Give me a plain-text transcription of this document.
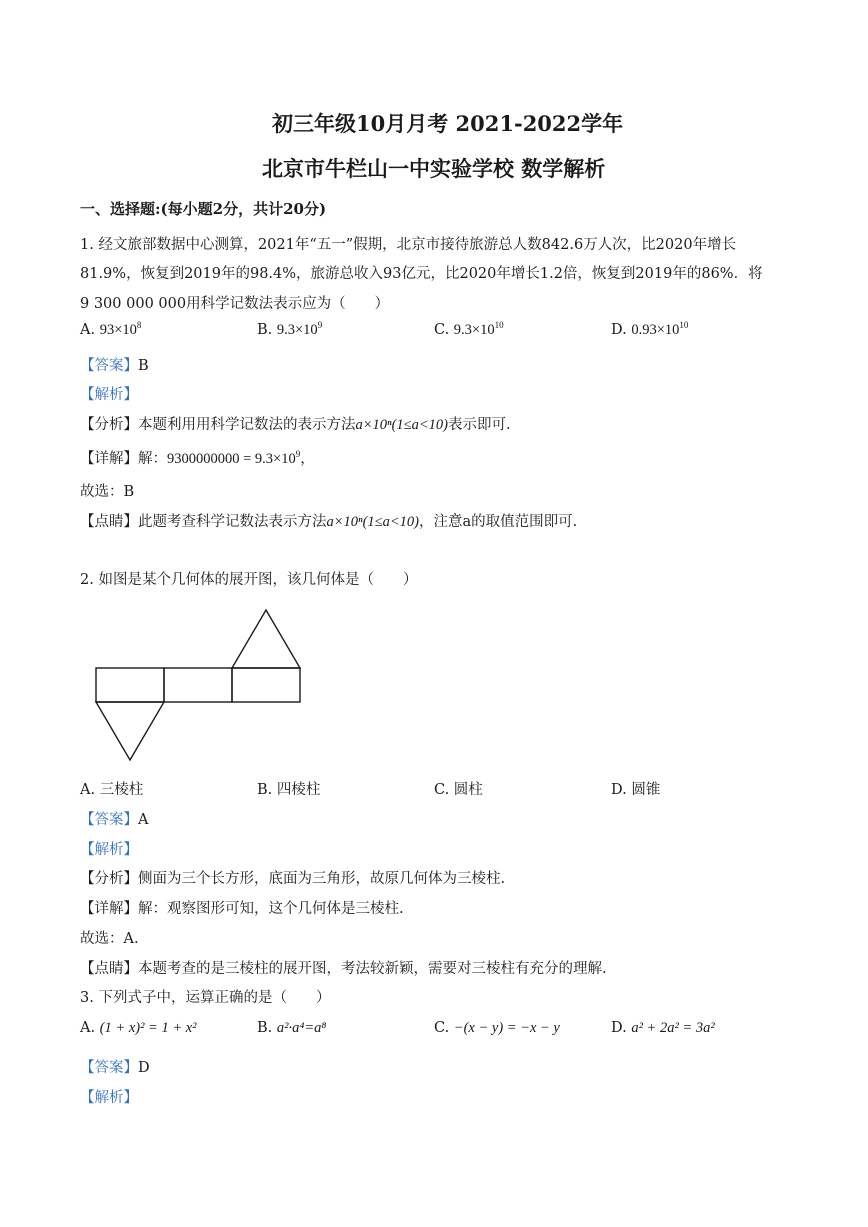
初三年级10月月考 2021-2022学年
北京市牛栏山一中实验学校 数学解析
一、选择题:(每小题2分，共计20分)
1. 经文旅部数据中心测算，2021年“五一”假期，北京市接待旅游总人数842.6万人次，比2020年增长
81.9%，恢复到2019年的98.4%，旅游总收入93亿元，比2020年增长1.2倍，恢复到2019年的86%．将
9 300 000 000用科学记数法表示应为（　　）
A. $93\times 10^8$	B. $9.3\times 10^9$	C. $9.3\times 10^{10}$	D. $0.93\times 10^{10}$
【答案】B
【解析】
【分析】本题利用用科学记数法的表示方法a×10ⁿ(1≤a<10)表示即可.
【详解】解：$9300000000 = 9.3\times 10^9$，
故选：B
【点睛】此题考查科学记数法表示方法a×10ⁿ(1≤a<10)，注意a的取值范围即可.
2. 如图是某个几何体的展开图，该几何体是（　　）
A. 三棱柱	B. 四棱柱	C. 圆柱	D. 圆锥
【答案】A
【解析】
【分析】侧面为三个长方形，底面为三角形，故原几何体为三棱柱.
【详解】解：观察图形可知，这个几何体是三棱柱.
故选：A.
【点睛】本题考查的是三棱柱的展开图，考法较新颖，需要对三棱柱有充分的理解.
3. 下列式子中，运算正确的是（　　）
A. (1 + x)² = 1 + x²	B. a²·a⁴=a⁸	C. −(x − y) = −x − y	D. a² + 2a² = 3a²
【答案】D
【解析】
